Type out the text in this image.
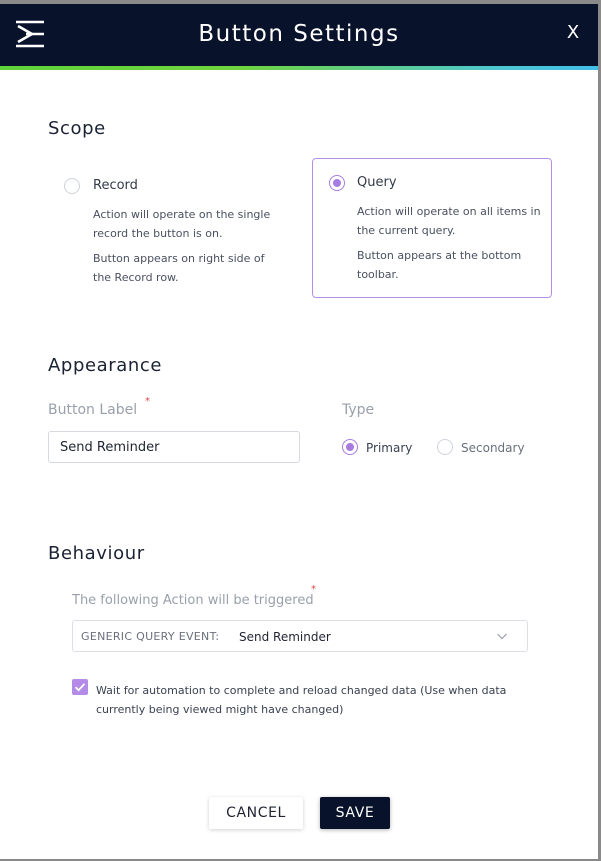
Button Settings	X
Scope
Record
Action will operate on the single record the button is on.
Button appears on right side of the Record row.
Query
Action will operate on all items in the current query.
Button appears at the bottom toolbar.
Appearance
Button Label
*
Send Reminder
Type
Primary	Secondary
Behaviour
The following Action will be triggered
*
GENERIC QUERY EVENT: Send Reminder
Wait for automation to complete and reload changed data (Use when data currently being viewed might have changed)
CANCEL	SAVE
